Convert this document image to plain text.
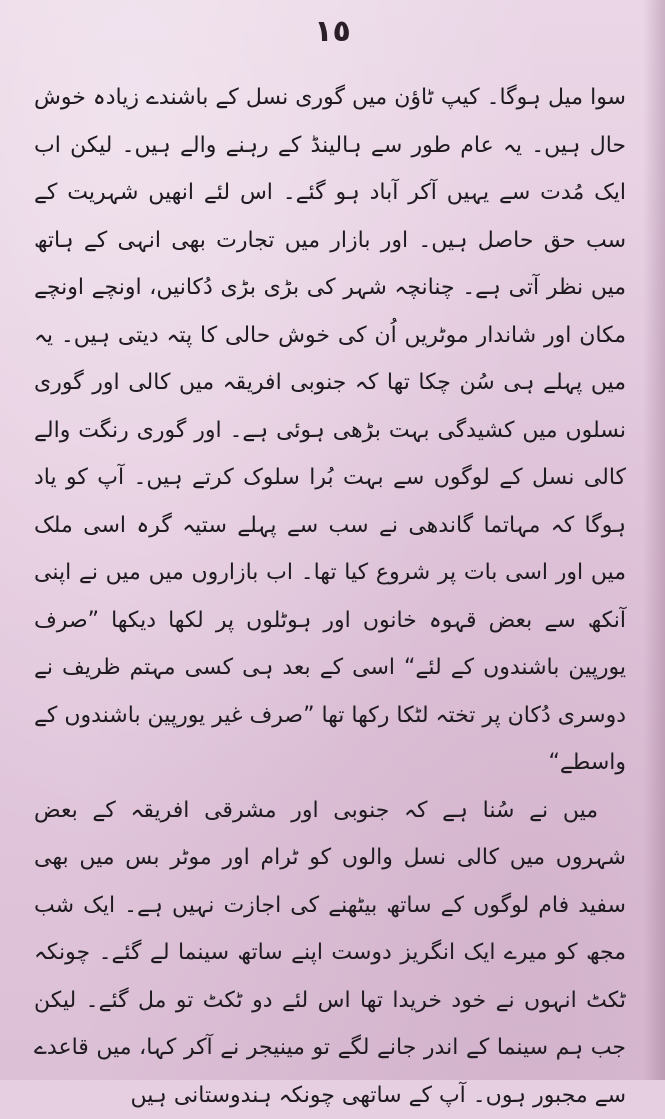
١٥

سوا میل ہوگا۔ کیپ ٹاؤن میں گوری نسل کے باشندے زیادہ خوش حال ہیں۔ یہ عام طور سے ہالینڈ کے رہنے والے ہیں۔ لیکن اب ایک مُدت سے یہیں آکر آباد ہو گئے۔ اس لئے انھیں شہریت کے سب حق حاصل ہیں۔ اور بازار میں تجارت بھی انہی کے ہاتھ میں نظر آتی ہے۔ چنانچہ شہر کی بڑی بڑی دُکانیں، اونچے اونچے مکان اور شاندار موٹریں اُن کی خوش حالی کا پتہ دیتی ہیں۔ یہ میں پہلے ہی سُن چکا تھا کہ جنوبی افریقہ میں کالی اور گوری نسلوں میں کشیدگی بہت بڑھی ہوئی ہے۔ اور گوری رنگت والے کالی نسل کے لوگوں سے بہت بُرا سلوک کرتے ہیں۔ آپ کو یاد ہوگا کہ مہاتما گاندھی نے سب سے پہلے ستیہ گرہ اسی ملک میں اور اسی بات پر شروع کیا تھا۔ اب بازاروں میں میں نے اپنی آنکھ سے بعض قہوہ خانوں اور ہوٹلوں پر لکھا دیکھا ”صرف یورپین باشندوں کے لئے“ اسی کے بعد ہی کسی مہتم ظریف نے دوسری دُکان پر تختہ لٹکا رکھا تھا ”صرف غیر یورپین باشندوں کے واسطے“

میں نے سُنا ہے کہ جنوبی اور مشرقی افریقہ کے بعض شہروں میں کالی نسل والوں کو ٹرام اور موٹر بس میں بھی سفید فام لوگوں کے ساتھ بیٹھنے کی اجازت نہیں ہے۔ ایک شب مجھ کو میرے ایک انگریز دوست اپنے ساتھ سینما لے گئے۔ چونکہ ٹکٹ انہوں نے خود خریدا تھا اس لئے دو ٹکٹ تو مل گئے۔ لیکن جب ہم سینما کے اندر جانے لگے تو مینیجر نے آکر کہا، میں قاعدے سے مجبور ہوں۔ آپ کے ساتھی چونکہ ہندوستانی ہیں
